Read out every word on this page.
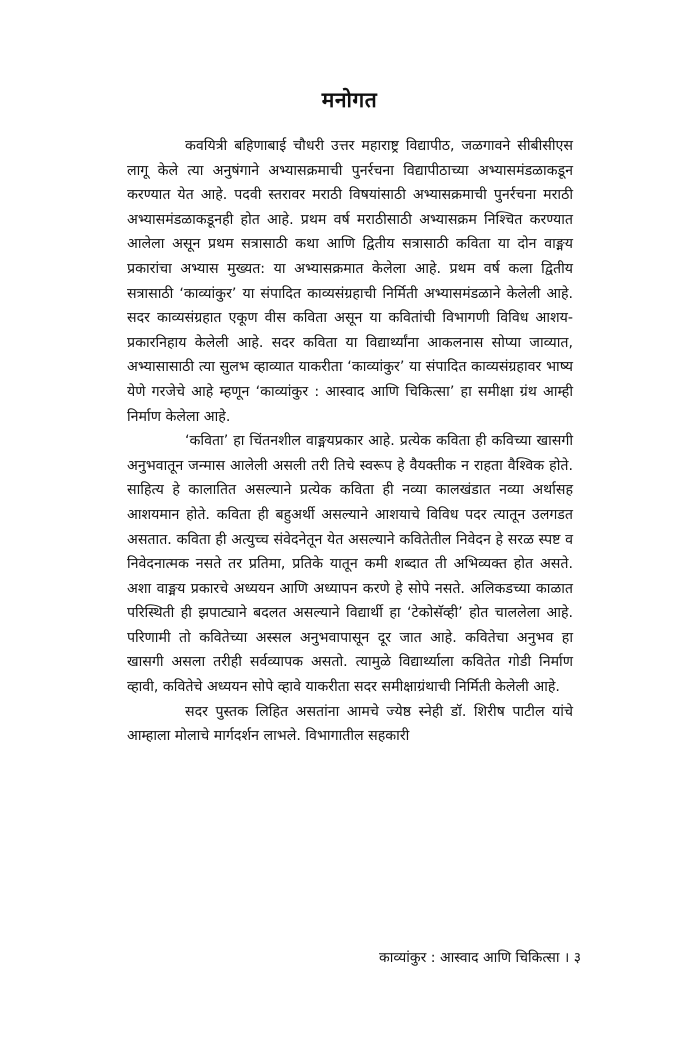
मनोगत

कवयित्री बहिणाबाई चौधरी उत्तर महाराष्ट्र विद्यापीठ, जळगावने सीबीसीएस लागू केले त्या अनुषंगाने अभ्यासक्रमाची पुनर्रचना विद्यापीठाच्या अभ्यासमंडळाकडून करण्यात येत आहे. पदवी स्तरावर मराठी विषयांसाठी अभ्यासक्रमाची पुनर्रचना मराठी अभ्यासमंडळाकडूनही होत आहे. प्रथम वर्ष मराठीसाठी अभ्यासक्रम निश्चित करण्यात आलेला असून प्रथम सत्रासाठी कथा आणि द्वितीय सत्रासाठी कविता या दोन वाङ्मय प्रकारांचा अभ्यास मुख्यत: या अभ्यासक्रमात केलेला आहे. प्रथम वर्ष कला द्वितीय सत्रासाठी ‘काव्यांकुर’ या संपादित काव्यसंग्रहाची निर्मिती अभ्यासमंडळाने केलेली आहे. सदर काव्यसंग्रहात एकूण वीस कविता असून या कवितांची विभागणी विविध आशय-प्रकारनिहाय केलेली आहे. सदर कविता या विद्यार्थ्यांना आकलनास सोप्या जाव्यात, अभ्यासासाठी त्या सुलभ व्हाव्यात याकरीता ‘काव्यांकुर’ या संपादित काव्यसंग्रहावर भाष्य येणे गरजेचे आहे म्हणून ‘काव्यांकुर : आस्वाद आणि चिकित्सा’ हा समीक्षा ग्रंथ आम्ही निर्माण केलेला आहे.

‘कविता’ हा चिंतनशील वाङ्मयप्रकार आहे. प्रत्येक कविता ही कविच्या खासगी अनुभवातून जन्मास आलेली असली तरी तिचे स्वरूप हे वैयक्तीक न राहता वैश्विक होते. साहित्य हे कालातित असल्याने प्रत्येक कविता ही नव्या कालखंडात नव्या अर्थासह आशयमान होते. कविता ही बहुअर्थी असल्याने आशयाचे विविध पदर त्यातून उलगडत असतात. कविता ही अत्युच्च संवेदनेतून येत असल्याने कवितेतील निवेदन हे सरळ स्पष्ट व निवेदनात्मक नसते तर प्रतिमा, प्रतिके यातून कमी शब्दात ती अभिव्यक्त होत असते. अशा वाङ्मय प्रकारचे अध्ययन आणि अध्यापन करणे हे सोपे नसते. अलिकडच्या काळात परिस्थिती ही झपाट्याने बदलत असल्याने विद्यार्थी हा ‘टेकोसॅव्ही’ होत चाललेला आहे. परिणामी तो कवितेच्या अस्सल अनुभवापासून दूर जात आहे. कवितेचा अनुभव हा खासगी असला तरीही सर्वव्यापक असतो. त्यामुळे विद्यार्थ्याला कवितेत गोडी निर्माण व्हावी, कवितेचे अध्ययन सोपे व्हावे याकरीता सदर समीक्षाग्रंथाची निर्मिती केलेली आहे.

सदर पुस्तक लिहित असतांना आमचे ज्येष्ठ स्नेही डॉ. शिरीष पाटील यांचे आम्हाला मोलाचे मार्गदर्शन लाभले. विभागातील सहकारी

काव्यांकुर : आस्वाद आणि चिकित्सा । ३
